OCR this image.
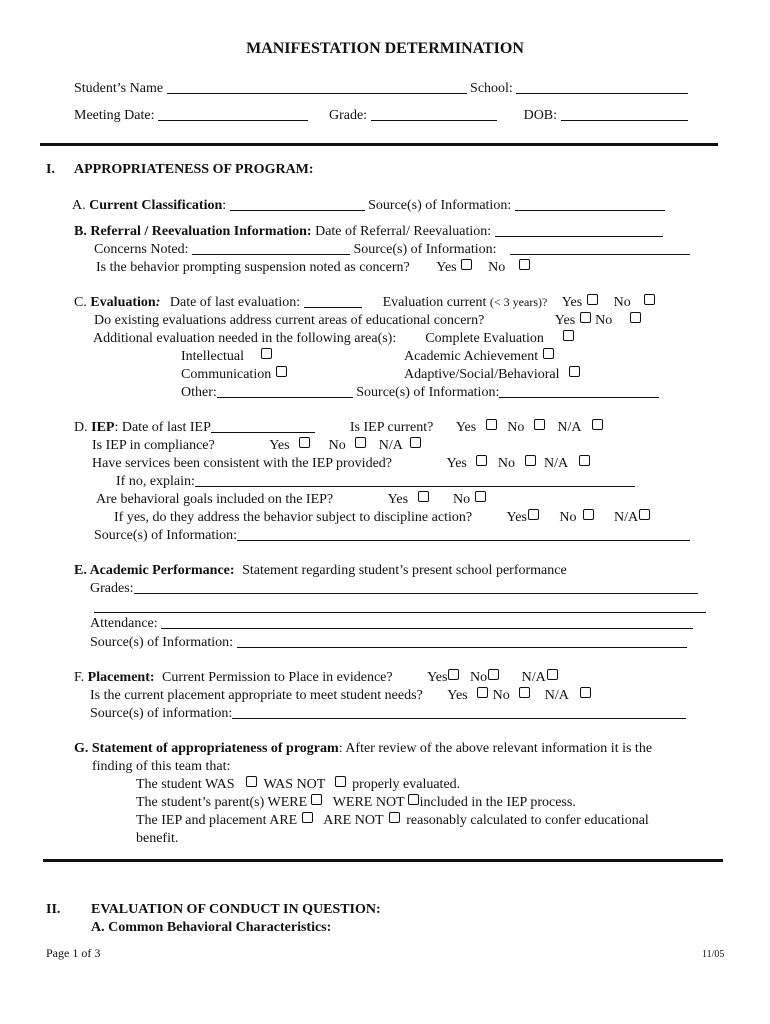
MANIFESTATION DETERMINATION
Student’s Name	School:
Meeting Date:	Grade:	DOB:
I. APPROPRIATENESS OF PROGRAM:
A. Current Classification:	Source(s) of Information:
B. Referral / Reevaluation Information: Date of Referral/ Reevaluation:
Concerns Noted:	Source(s) of Information:
Is the behavior prompting suspension noted as concern? Yes No
C. Evaluation: Date of last evaluation:	Evaluation current (< 3 years)? Yes No
Do existing evaluations address current areas of educational concern?	Yes No
Additional evaluation needed in the following area(s): Complete Evaluation
Intellectual	Academic Achievement
Communication	Adaptive/Social/Behavioral
Other:	Source(s) of Information:
D. IEP: Date of last IEP	Is IEP current? Yes No N/A
Is IEP in compliance?	Yes	No N/A
Have services been consistent with the IEP provided?	Yes No N/A
If no, explain:
Are behavioral goals included on the IEP?	Yes	No
If yes, do they address the behavior subject to discipline action? Yes No	N/A
Source(s) of Information:
E. Academic Performance: Statement regarding student’s present school performance
Grades:
Attendance:
Source(s) of Information:
F. Placement: Current Permission to Place in evidence? Yes No N/A
Is the current placement appropriate to meet student needs? Yes No	N/A
Source(s) of information:
G. Statement of appropriateness of program: After review of the above relevant information it is the
finding of this team that:
The student WAS WAS NOT properly evaluated.
The student’s parent(s) WERE WERE NOT included in the IEP process.
The IEP and placement ARE ARE NOT reasonably calculated to confer educational
benefit.
II. EVALUATION OF CONDUCT IN QUESTION:
A. Common Behavioral Characteristics:
Page 1 of 3	11/05
